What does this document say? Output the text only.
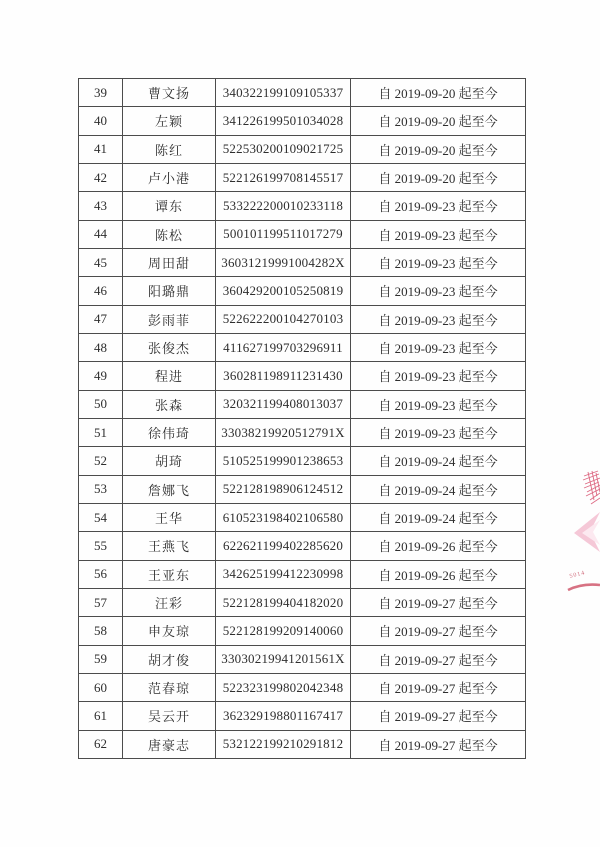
39	曹文扬	340322199109105337	自 2019-09-20 起至今
40	左颖	341226199501034028	自 2019-09-20 起至今
41	陈红	522530200109021725	自 2019-09-20 起至今
42	卢小港	522126199708145517	自 2019-09-20 起至今
43	谭东	533222200010233118	自 2019-09-23 起至今
44	陈松	500101199511017279	自 2019-09-23 起至今
45	周田甜	36031219991004282X	自 2019-09-23 起至今
46	阳璐鼎	360429200105250819	自 2019-09-23 起至今
47	彭雨菲	522622200104270103	自 2019-09-23 起至今
48	张俊杰	411627199703296911	自 2019-09-23 起至今
49	程进	360281198911231430	自 2019-09-23 起至今
50	张森	320321199408013037	自 2019-09-23 起至今
51	徐伟琦	33038219920512791X	自 2019-09-23 起至今
52	胡琦	510525199901238653	自 2019-09-24 起至今
53	詹娜飞	522128198906124512	自 2019-09-24 起至今
54	王华	610523198402106580	自 2019-09-24 起至今
55	王燕飞	622621199402285620	自 2019-09-26 起至今
56	王亚东	342625199412230998	自 2019-09-26 起至今
57	汪彩	522128199404182020	自 2019-09-27 起至今
58	申友琼	522128199209140060	自 2019-09-27 起至今
59	胡才俊	33030219941201561X	自 2019-09-27 起至今
60	范春琼	522323199802042348	自 2019-09-27 起至今
61	吴云开	362329198801167417	自 2019-09-27 起至今
62	唐豪志	532122199210291812	自 2019-09-27 起至今
5014
